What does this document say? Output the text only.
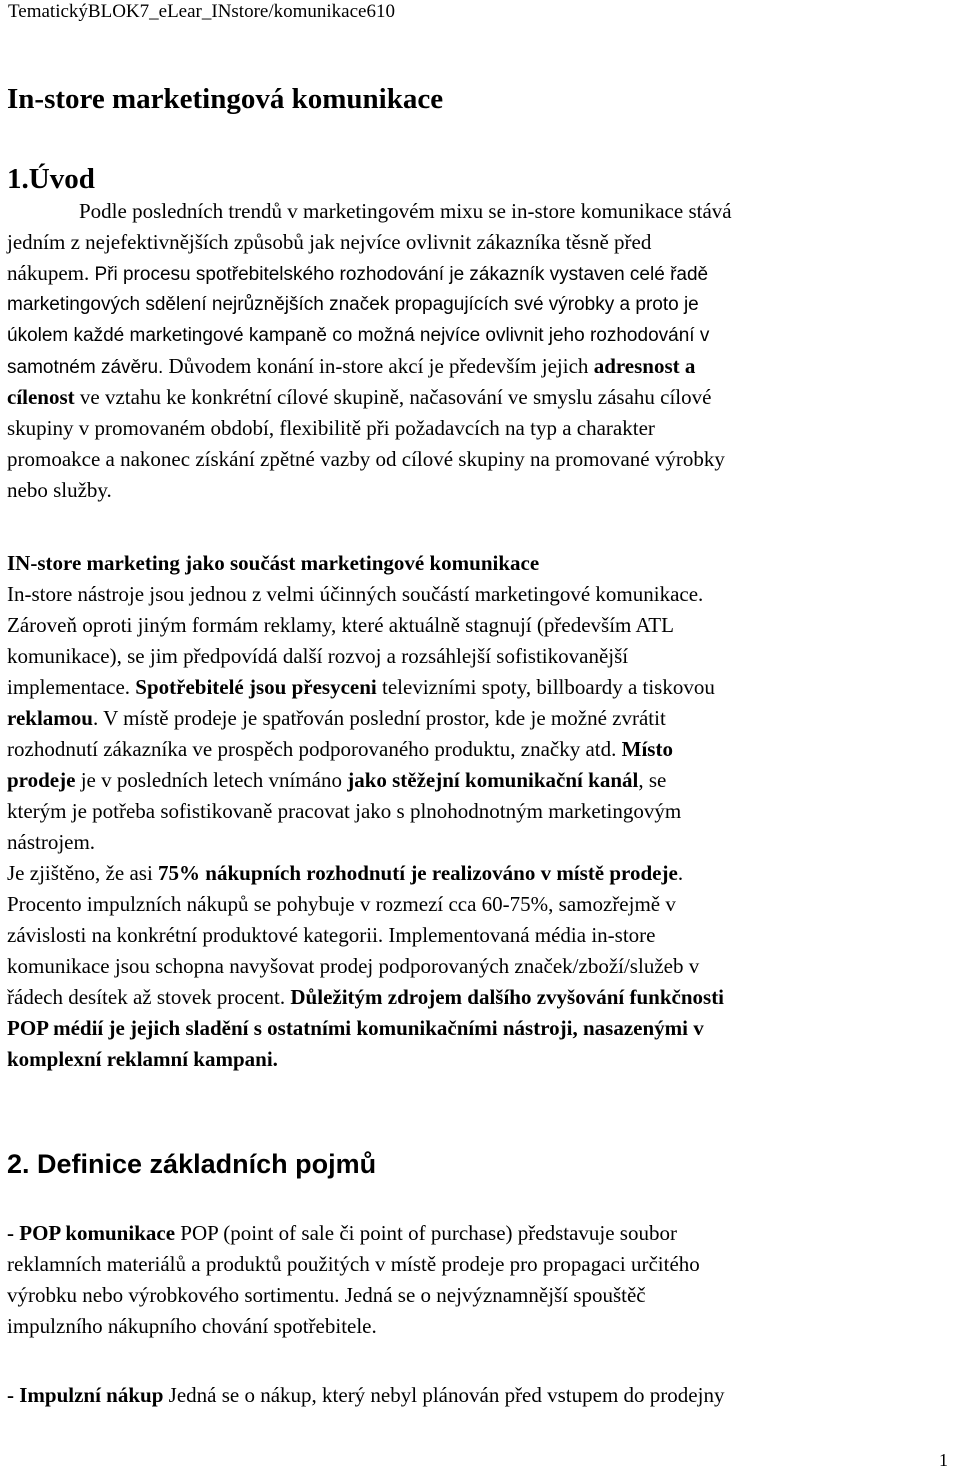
TematickýBLOK7_eLear_INstore/komunikace610
In-store marketingová komunikace
1.Úvod
Podle posledních trendů v marketingovém mixu se in-store komunikace stává
jedním z nejefektivnějších způsobů jak nejvíce ovlivnit zákazníka těsně před
nákupem. Při procesu spotřebitelského rozhodování je zákazník vystaven celé řadě
marketingových sdělení nejrůznějších značek propagujících své výrobky a proto je
úkolem každé marketingové kampaně co možná nejvíce ovlivnit jeho rozhodování v
samotném závěru. Důvodem konání in-store akcí je především jejich adresnost a
cílenost ve vztahu ke konkrétní cílové skupině, načasování ve smyslu zásahu cílové
skupiny v promovaném období, flexibilitě při požadavcích na typ a charakter
promoakce a nakonec získání zpětné vazby od cílové skupiny na promované výrobky
nebo služby.
IN-store marketing jako součást marketingové komunikace
In-store nástroje jsou jednou z velmi účinných součástí marketingové komunikace.
Zároveň oproti jiným formám reklamy, které aktuálně stagnují (především ATL
komunikace), se jim předpovídá další rozvoj a rozsáhlejší sofistikovanější
implementace. Spotřebitelé jsou přesyceni televizními spoty, billboardy a tiskovou
reklamou. V místě prodeje je spatřován poslední prostor, kde je možné zvrátit
rozhodnutí zákazníka ve prospěch podporovaného produktu, značky atd. Místo
prodeje je v posledních letech vnímáno jako stěžejní komunikační kanál, se
kterým je potřeba sofistikovaně pracovat jako s plnohodnotným marketingovým
nástrojem.
Je zjištěno, že asi 75% nákupních rozhodnutí je realizováno v místě prodeje.
Procento impulzních nákupů se pohybuje v rozmezí cca 60-75%, samozřejmě v
závislosti na konkrétní produktové kategorii. Implementovaná média in-store
komunikace jsou schopna navyšovat prodej podporovaných značek/zboží/služeb v
řádech desítek až stovek procent. Důležitým zdrojem dalšího zvyšování funkčnosti
POP médií je jejich sladění s ostatními komunikačními nástroji, nasazenými v
komplexní reklamní kampani.
2. Definice základních pojmů
- POP komunikace POP (point of sale či point of purchase) představuje soubor
reklamních materiálů a produktů použitých v místě prodeje pro propagaci určitého
výrobku nebo výrobkového sortimentu. Jedná se o nejvýznamnější spouštěč
impulzního nákupního chování spotřebitele.
- Impulzní nákup Jedná se o nákup, který nebyl plánován před vstupem do prodejny
1
